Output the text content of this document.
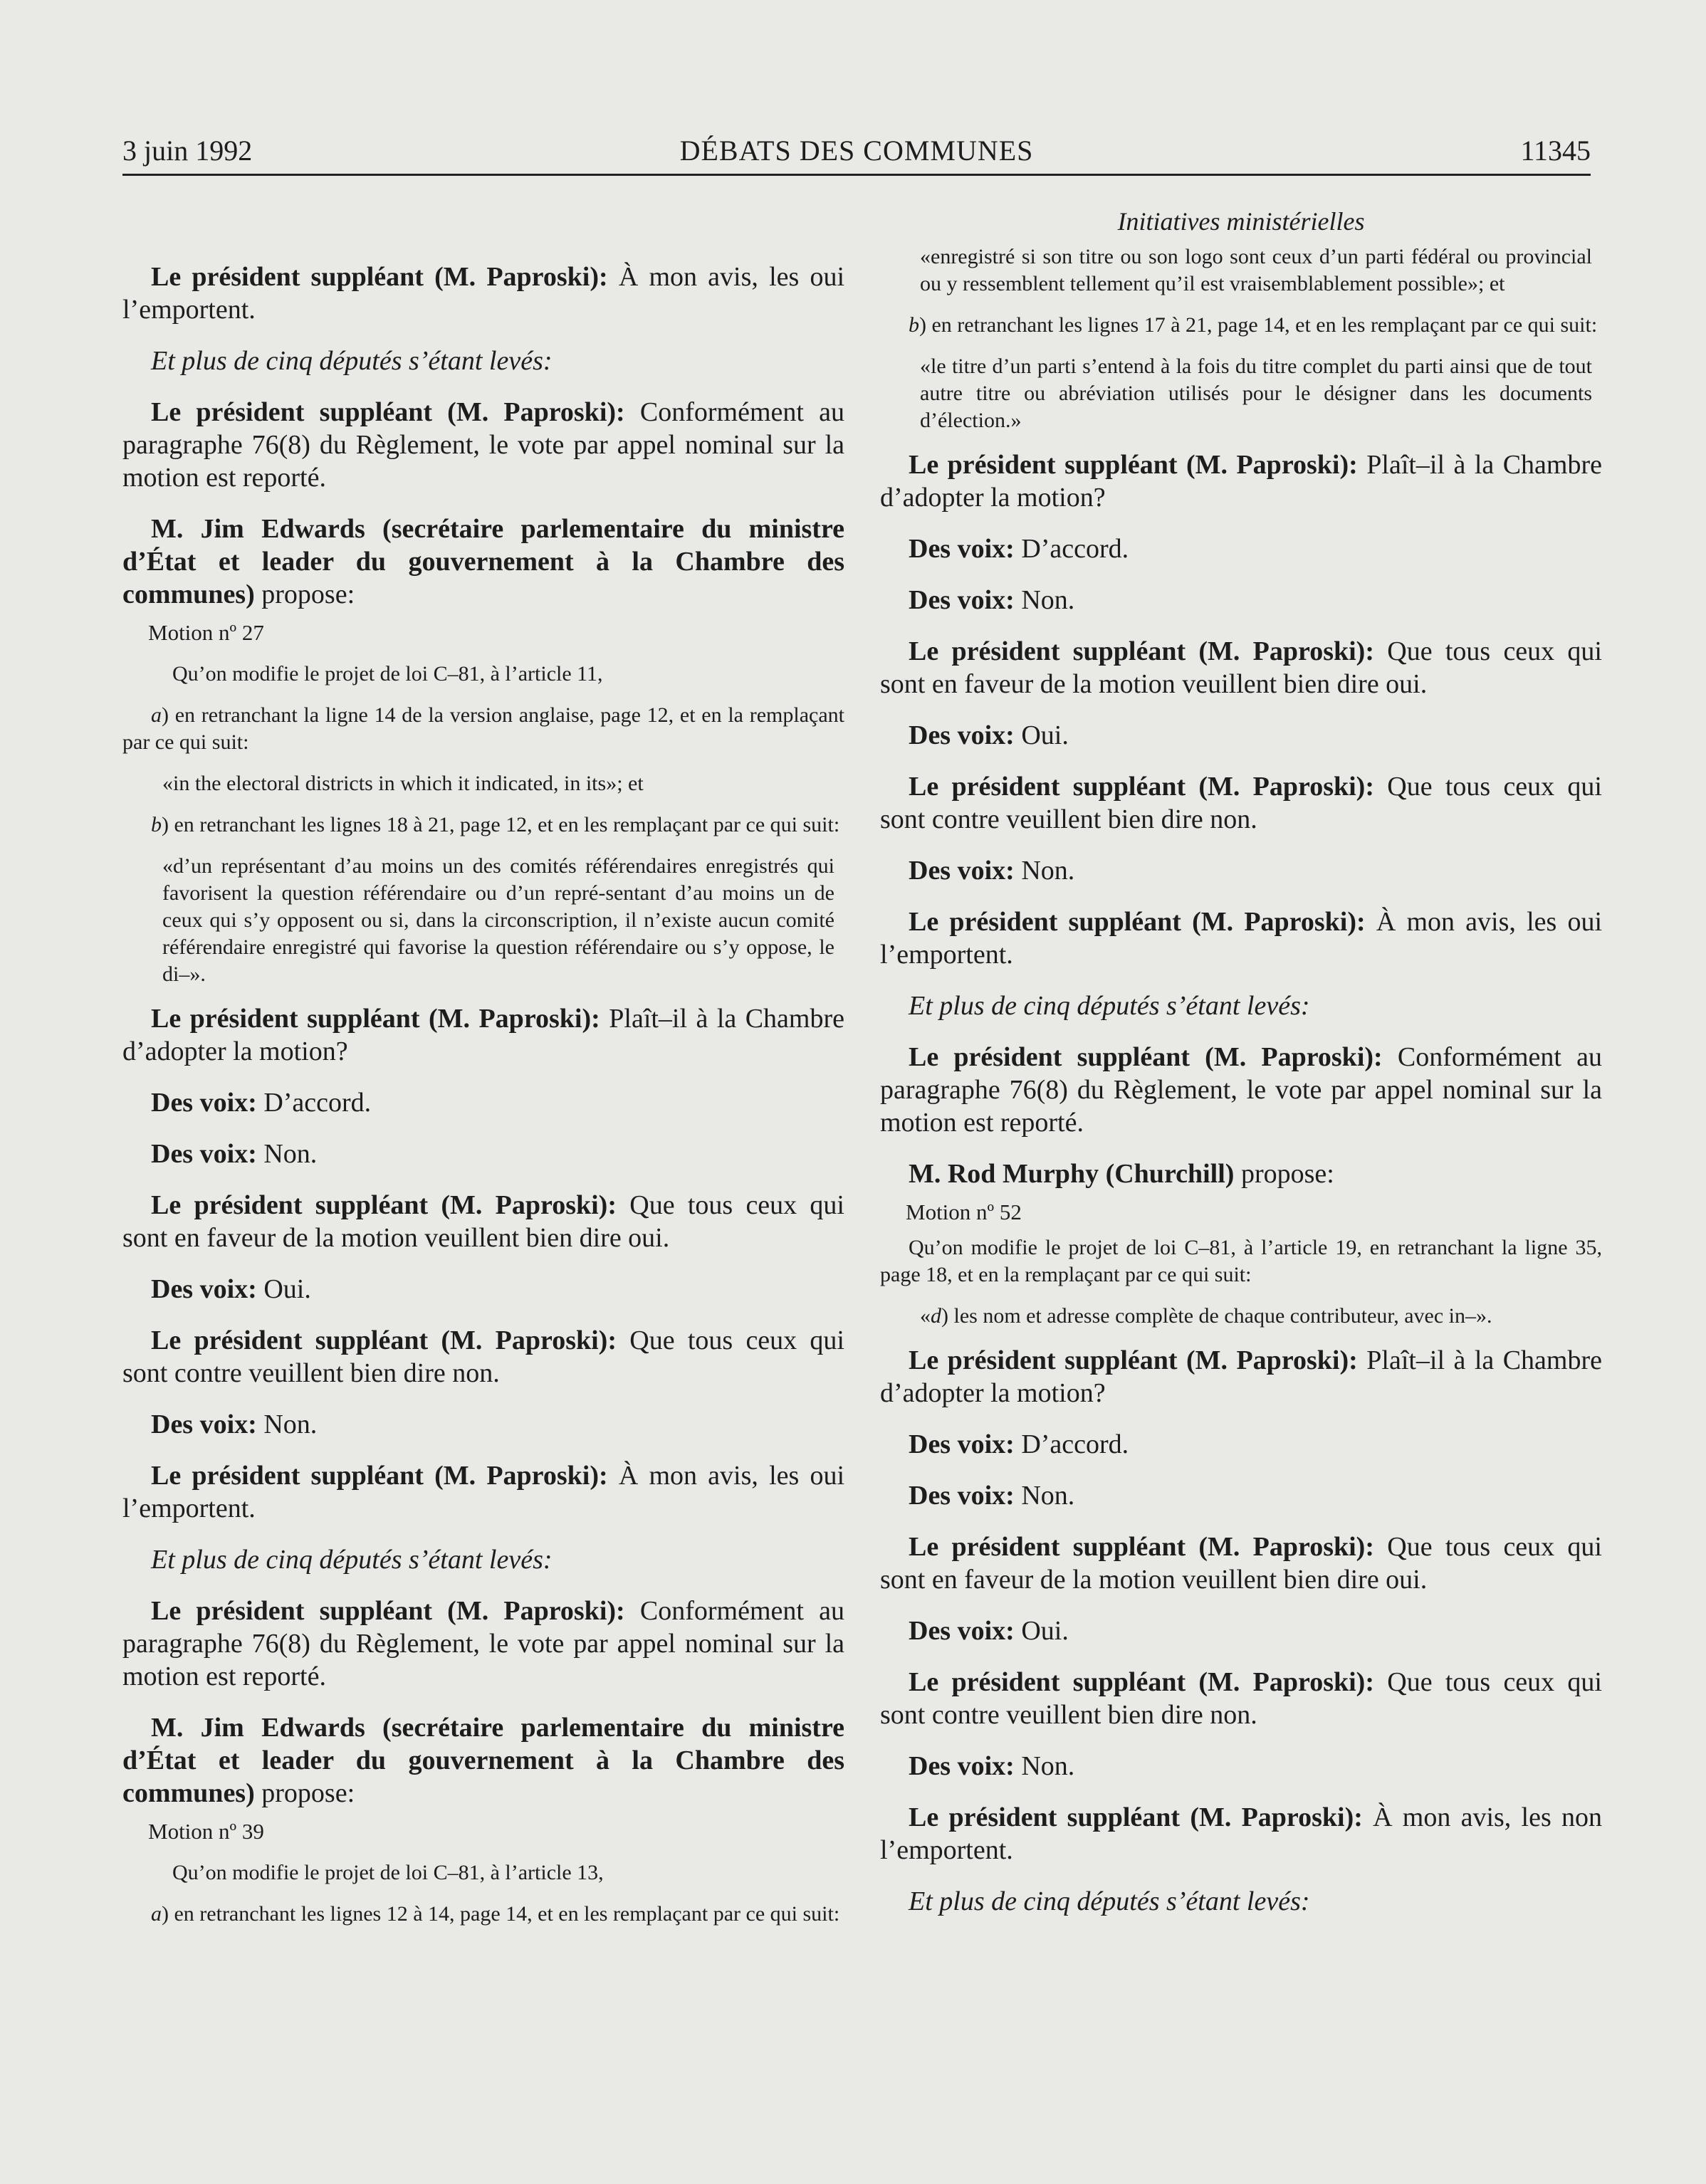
3 juin 1992	DÉBATS DES COMMUNES	11345

Le président suppléant (M. Paproski): À mon avis, les oui l’emportent.

Et plus de cinq députés s’étant levés:

Le président suppléant (M. Paproski): Conformément au paragraphe 76(8) du Règlement, le vote par appel nominal sur la motion est reporté.

M. Jim Edwards (secrétaire parlementaire du ministre d’État et leader du gouvernement à la Chambre des communes) propose:

Motion nº 27

Qu’on modifie le projet de loi C–81, à l’article 11,

a) en retranchant la ligne 14 de la version anglaise, page 12, et en la remplaçant par ce qui suit:

«in the electoral districts in which it indicated, in its»; et

b) en retranchant les lignes 18 à 21, page 12, et en les remplaçant par ce qui suit:

«d’un représentant d’au moins un des comités référendaires enregistrés qui favorisent la question référendaire ou d’un repré-sentant d’au moins un de ceux qui s’y opposent ou si, dans la circonscription, il n’existe aucun comité référendaire enregistré qui favorise la question référendaire ou s’y oppose, le di–».

Le président suppléant (M. Paproski): Plaît–il à la Chambre d’adopter la motion?

Des voix: D’accord.

Des voix: Non.

Le président suppléant (M. Paproski): Que tous ceux qui sont en faveur de la motion veuillent bien dire oui.

Des voix: Oui.

Le président suppléant (M. Paproski): Que tous ceux qui sont contre veuillent bien dire non.

Des voix: Non.

Le président suppléant (M. Paproski): À mon avis, les oui l’emportent.

Et plus de cinq députés s’étant levés:

Le président suppléant (M. Paproski): Conformément au paragraphe 76(8) du Règlement, le vote par appel nominal sur la motion est reporté.

M. Jim Edwards (secrétaire parlementaire du ministre d’État et leader du gouvernement à la Chambre des communes) propose:

Motion nº 39

Qu’on modifie le projet de loi C–81, à l’article 13,

a) en retranchant les lignes 12 à 14, page 14, et en les remplaçant par ce qui suit:

Initiatives ministérielles

«enregistré si son titre ou son logo sont ceux d’un parti fédéral ou provincial ou y ressemblent tellement qu’il est vraisemblablement possible»; et

b) en retranchant les lignes 17 à 21, page 14, et en les remplaçant par ce qui suit:

«le titre d’un parti s’entend à la fois du titre complet du parti ainsi que de tout autre titre ou abréviation utilisés pour le désigner dans les documents d’élection.»

Le président suppléant (M. Paproski): Plaît–il à la Chambre d’adopter la motion?

Des voix: D’accord.

Des voix: Non.

Le président suppléant (M. Paproski): Que tous ceux qui sont en faveur de la motion veuillent bien dire oui.

Des voix: Oui.

Le président suppléant (M. Paproski): Que tous ceux qui sont contre veuillent bien dire non.

Des voix: Non.

Le président suppléant (M. Paproski): À mon avis, les oui l’emportent.

Et plus de cinq députés s’étant levés:

Le président suppléant (M. Paproski): Conformément au paragraphe 76(8) du Règlement, le vote par appel nominal sur la motion est reporté.

M. Rod Murphy (Churchill) propose:

Motion nº 52

Qu’on modifie le projet de loi C–81, à l’article 19, en retranchant la ligne 35, page 18, et en la remplaçant par ce qui suit:

«d) les nom et adresse complète de chaque contributeur, avec in–».

Le président suppléant (M. Paproski): Plaît–il à la Chambre d’adopter la motion?

Des voix: D’accord.

Des voix: Non.

Le président suppléant (M. Paproski): Que tous ceux qui sont en faveur de la motion veuillent bien dire oui.

Des voix: Oui.

Le président suppléant (M. Paproski): Que tous ceux qui sont contre veuillent bien dire non.

Des voix: Non.

Le président suppléant (M. Paproski): À mon avis, les non l’emportent.

Et plus de cinq députés s’étant levés:
